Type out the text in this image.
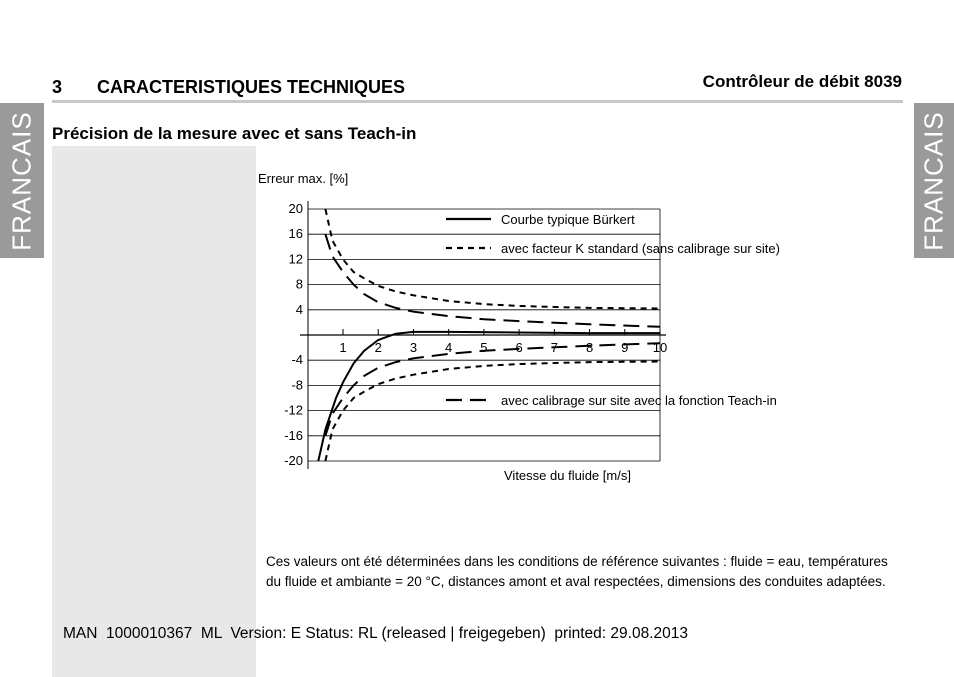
FRANCAIS	FRANCAIS
3 CARACTERISTIQUES TECHNIQUES	Contrôleur de débit 8039
Précision de la mesure avec et sans Teach-in
Erreur max. [%]
Vitesse du fluide [m/s]
1 2 3 4 5 6 7 8 9 10
20
16
12
8
4
-4
-8
-12
-16
-20
Courbe typique Bürkert
avec facteur K standard (sans calibrage sur site)
avec calibrage sur site avec la fonction Teach-in
Ces valeurs ont été déterminées dans les conditions de référence suivantes : fluide = eau, températures du fluide et ambiante = 20 °C, distances amont et aval respectées, dimensions des conduites adaptées.
MAN  1000010367  ML  Version: E Status: RL (released | freigegeben)  printed: 29.08.2013
